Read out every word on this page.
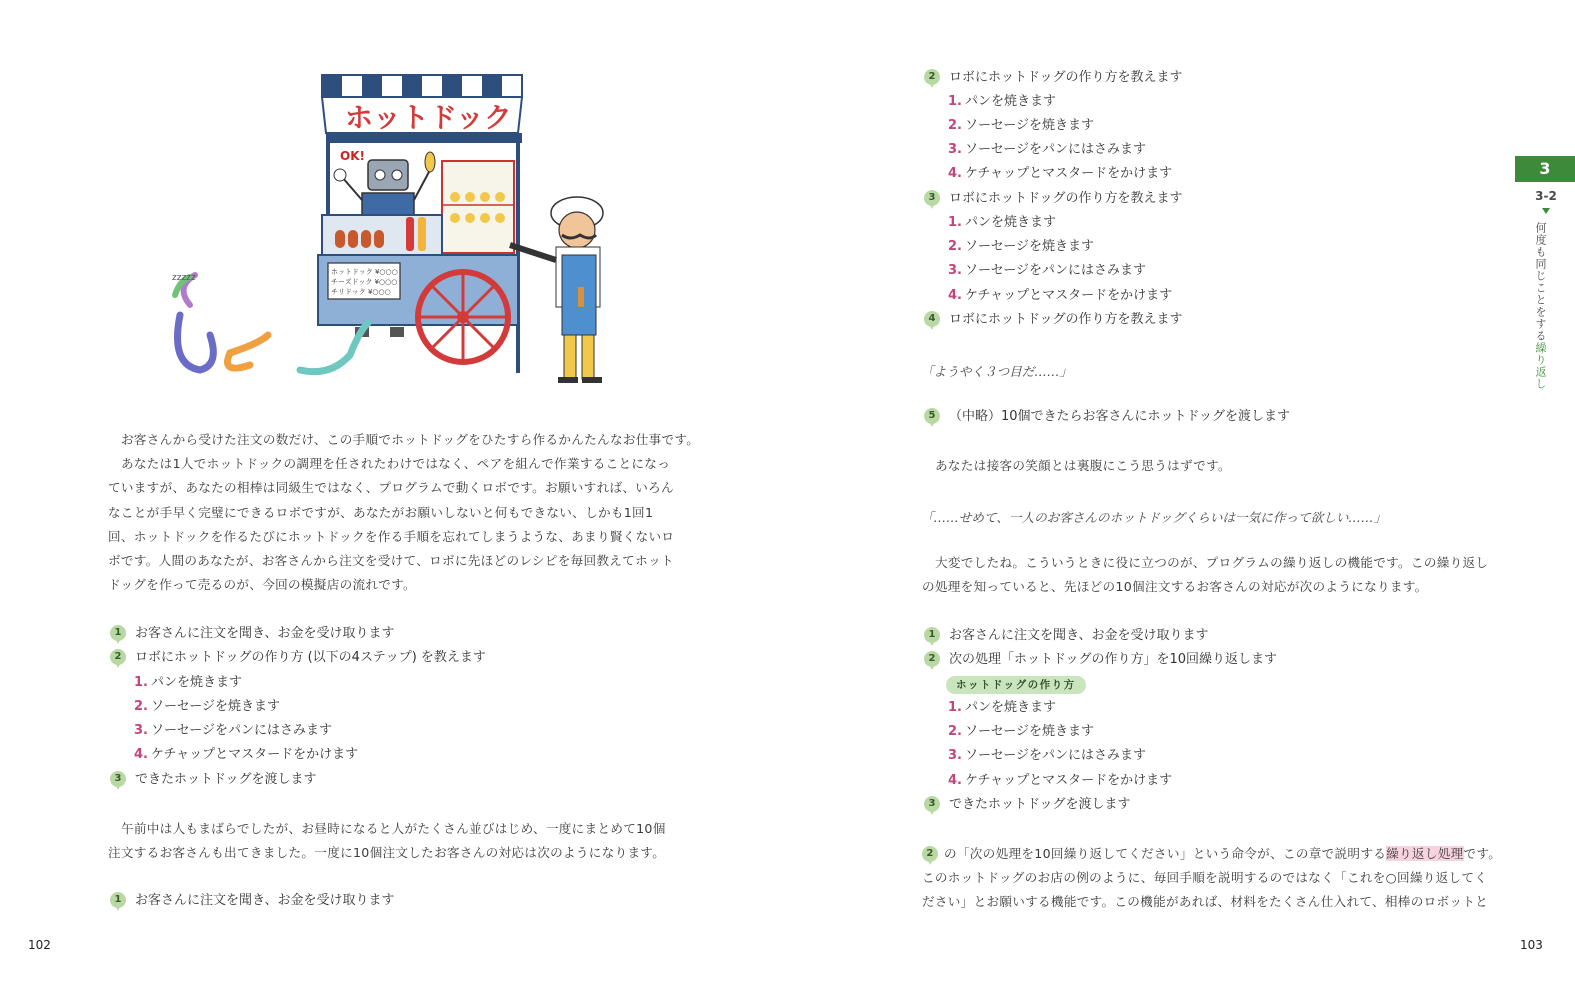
ホットドック
OK!
ホットドック ¥○○○
チーズドック ¥○○○
チリドック ¥○○○
zzzzz
お客さんから受けた注文の数だけ、この手順でホットドッグをひたすら作るかんたんなお仕事です。
あなたは1人でホットドックの調理を任されたわけではなく、ペアを組んで作業することになっ
ていますが、あなたの相棒は同級生ではなく、プログラムで動くロボです。お願いすれば、いろん
なことが手早く完璧にできるロボですが、あなたがお願いしないと何もできない、しかも1回1
回、ホットドックを作るたびにホットドックを作る手順を忘れてしまうような、あまり賢くないロ
ボです。人間のあなたが、お客さんから注文を受けて、ロボに先ほどのレシピを毎回教えてホット
ドッグを作って売るのが、今回の模擬店の流れです。
1	お客さんに注文を聞き、お金を受け取ります
2	ロボにホットドッグの作り方 (以下の4ステップ) を教えます
1. パンを焼きます
2. ソーセージを焼きます
3. ソーセージをパンにはさみます
4. ケチャップとマスタードをかけます
3	できたホットドッグを渡します
午前中は人もまばらでしたが、お昼時になると人がたくさん並びはじめ、一度にまとめて10個
注文するお客さんも出てきました。一度に10個注文したお客さんの対応は次のようになります。
1	お客さんに注文を聞き、お金を受け取ります
102
2	ロボにホットドッグの作り方を教えます
1. パンを焼きます
2. ソーセージを焼きます
3. ソーセージをパンにはさみます
4. ケチャップとマスタードをかけます
3	ロボにホットドッグの作り方を教えます
1. パンを焼きます
2. ソーセージを焼きます
3. ソーセージをパンにはさみます
4. ケチャップとマスタードをかけます
4	ロボにホットドッグの作り方を教えます
「ようやく３つ目だ……」
5	（中略）10個できたらお客さんにホットドッグを渡します
あなたは接客の笑顔とは裏腹にこう思うはずです。
「……せめて、一人のお客さんのホットドッグくらいは一気に作って欲しい……」
大変でしたね。こういうときに役に立つのが、プログラムの繰り返しの機能です。この繰り返し
の処理を知っていると、先ほどの10個注文するお客さんの対応が次のようになります。
1	お客さんに注文を聞き、お金を受け取ります
2	次の処理「ホットドッグの作り方」を10回繰り返します
ホットドッグの作り方
1. パンを焼きます
2. ソーセージを焼きます
3. ソーセージをパンにはさみます
4. ケチャップとマスタードをかけます
3	できたホットドッグを渡します
2 の「次の処理を10回繰り返してください」という命令が、この章で説明する繰り返し処理です。
このホットドッグのお店の例のように、毎回手順を説明するのではなく「これを○回繰り返してく
ださい」とお願いする機能です。この機能があれば、材料をたくさん仕入れて、相棒のロボットと
3
3-2
何度も同じことをする
繰り返し
103
